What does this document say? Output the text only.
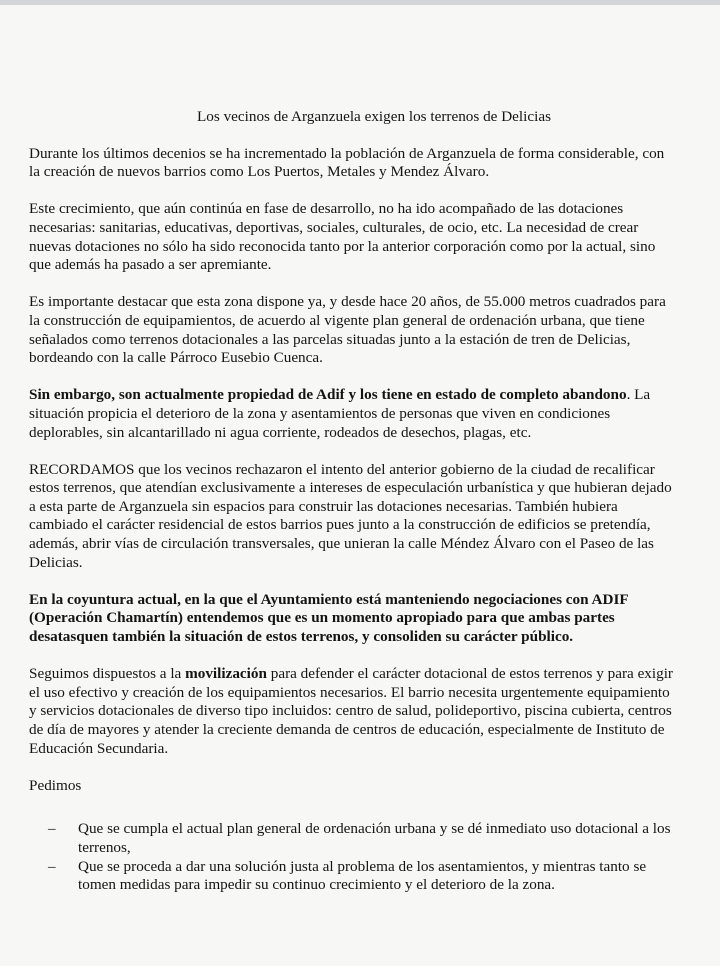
Los vecinos de Arganzuela exigen los terrenos de Delicias

Durante los últimos decenios se ha incrementado la población de Arganzuela de forma considerable, con la creación de nuevos barrios como Los Puertos, Metales y Mendez Álvaro.

Este crecimiento, que aún continúa en fase de desarrollo, no ha ido acompañado de las dotaciones necesarias: sanitarias, educativas, deportivas, sociales, culturales, de ocio, etc. La necesidad de crear nuevas dotaciones no sólo ha sido reconocida tanto por la anterior corporación como por la actual, sino que además ha pasado a ser apremiante.

Es importante destacar que esta zona dispone ya, y desde hace 20 años, de 55.000 metros cuadrados para la construcción de equipamientos, de acuerdo al vigente plan general de ordenación urbana, que tiene señalados como terrenos dotacionales a las parcelas situadas junto a la estación de tren de Delicias, bordeando con la calle Párroco Eusebio Cuenca.

Sin embargo, son actualmente propiedad de Adif y los tiene en estado de completo abandono. La situación propicia el deterioro de la zona y asentamientos de personas que viven en condiciones deplorables, sin alcantarillado ni agua corriente, rodeados de desechos, plagas, etc.

RECORDAMOS que los vecinos rechazaron el intento del anterior gobierno de la ciudad de recalificar estos terrenos, que atendían exclusivamente a intereses de especulación urbanística y que hubieran dejado a esta parte de Arganzuela sin espacios para construir las dotaciones necesarias. También hubiera cambiado el carácter residencial de estos barrios pues junto a la construcción de edificios se pretendía, además, abrir vías de circulación transversales, que unieran la calle Méndez Álvaro con el Paseo de las Delicias.

En la coyuntura actual, en la que el Ayuntamiento está manteniendo negociaciones con ADIF (Operación Chamartín) entendemos que es un momento apropiado para que ambas partes desatasquen también la situación de estos terrenos, y consoliden su carácter público.

Seguimos dispuestos a la movilización para defender el carácter dotacional de estos terrenos y para exigir el uso efectivo y creación de los equipamientos necesarios. El barrio necesita urgentemente equipamiento y servicios dotacionales de diverso tipo incluidos: centro de salud, polideportivo, piscina cubierta, centros de día de mayores y atender la creciente demanda de centros de educación, especialmente de Instituto de Educación Secundaria.

Pedimos

– Que se cumpla el actual plan general de ordenación urbana y se dé inmediato uso dotacional a los terrenos,
– Que se proceda a dar una solución justa al problema de los asentamientos, y mientras tanto se tomen medidas para impedir su continuo crecimiento y el deterioro de la zona.
